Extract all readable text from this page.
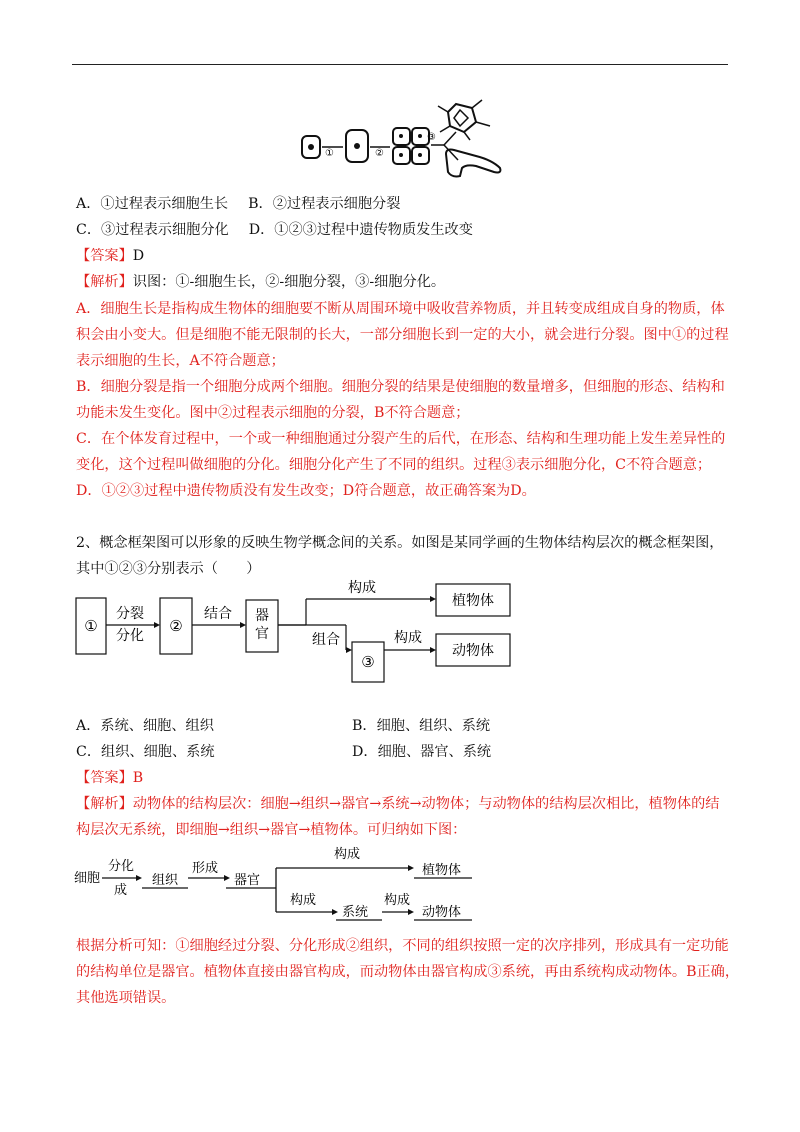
①	②
③
A．①过程表示细胞生长 B．②过程表示细胞分裂
C．③过程表示细胞分化 D．①②③过程中遗传物质发生改变
【答案】D
【解析】识图：①-细胞生长，②-细胞分裂，③-细胞分化。
A．细胞生长是指构成生物体的细胞要不断从周围环境中吸收营养物质，并且转变成组成自身的物质，体
积会由小变大。但是细胞不能无限制的长大，一部分细胞长到一定的大小，就会进行分裂。图中①的过程
表示细胞的生长，A不符合题意；
B．细胞分裂是指一个细胞分成两个细胞。细胞分裂的结果是使细胞的数量增多，但细胞的形态、结构和
功能未发生变化。图中②过程表示细胞的分裂，B不符合题意；
C．在个体发育过程中，一个或一种细胞通过分裂产生的后代，在形态、结构和生理功能上发生差异性的
变化，这个过程叫做细胞的分化。细胞分化产生了不同的组织。过程③表示细胞分化，C不符合题意；
D．①②③过程中遗传物质没有发生改变；D符合题意，故正确答案为D。
2、概念框架图可以形象的反映生物学概念间的关系。如图是某同学画的生物体结构层次的概念框架图，
其中①②③分别表示（　　）
①	②
器
官
③
分裂
分化
结合
构成
组合	构成
植物体
动物体
A．系统、细胞、组织	B．细胞、组织、系统
C．组织、细胞、系统	D．细胞、器官、系统
【答案】B
【解析】动物体的结构层次：细胞→组织→器官→系统→动物体；与动物体的结构层次相比，植物体的结
构层次无系统，即细胞→组织→器官→植物体。可归纳如下图：
细胞
分化
成
组织
形成
器官
构成
植物体
构成
系统
构成
动物体
根据分析可知：①细胞经过分裂、分化形成②组织，不同的组织按照一定的次序排列，形成具有一定功能
的结构单位是器官。植物体直接由器官构成，而动物体由器官构成③系统，再由系统构成动物体。B正确，
其他选项错误。
